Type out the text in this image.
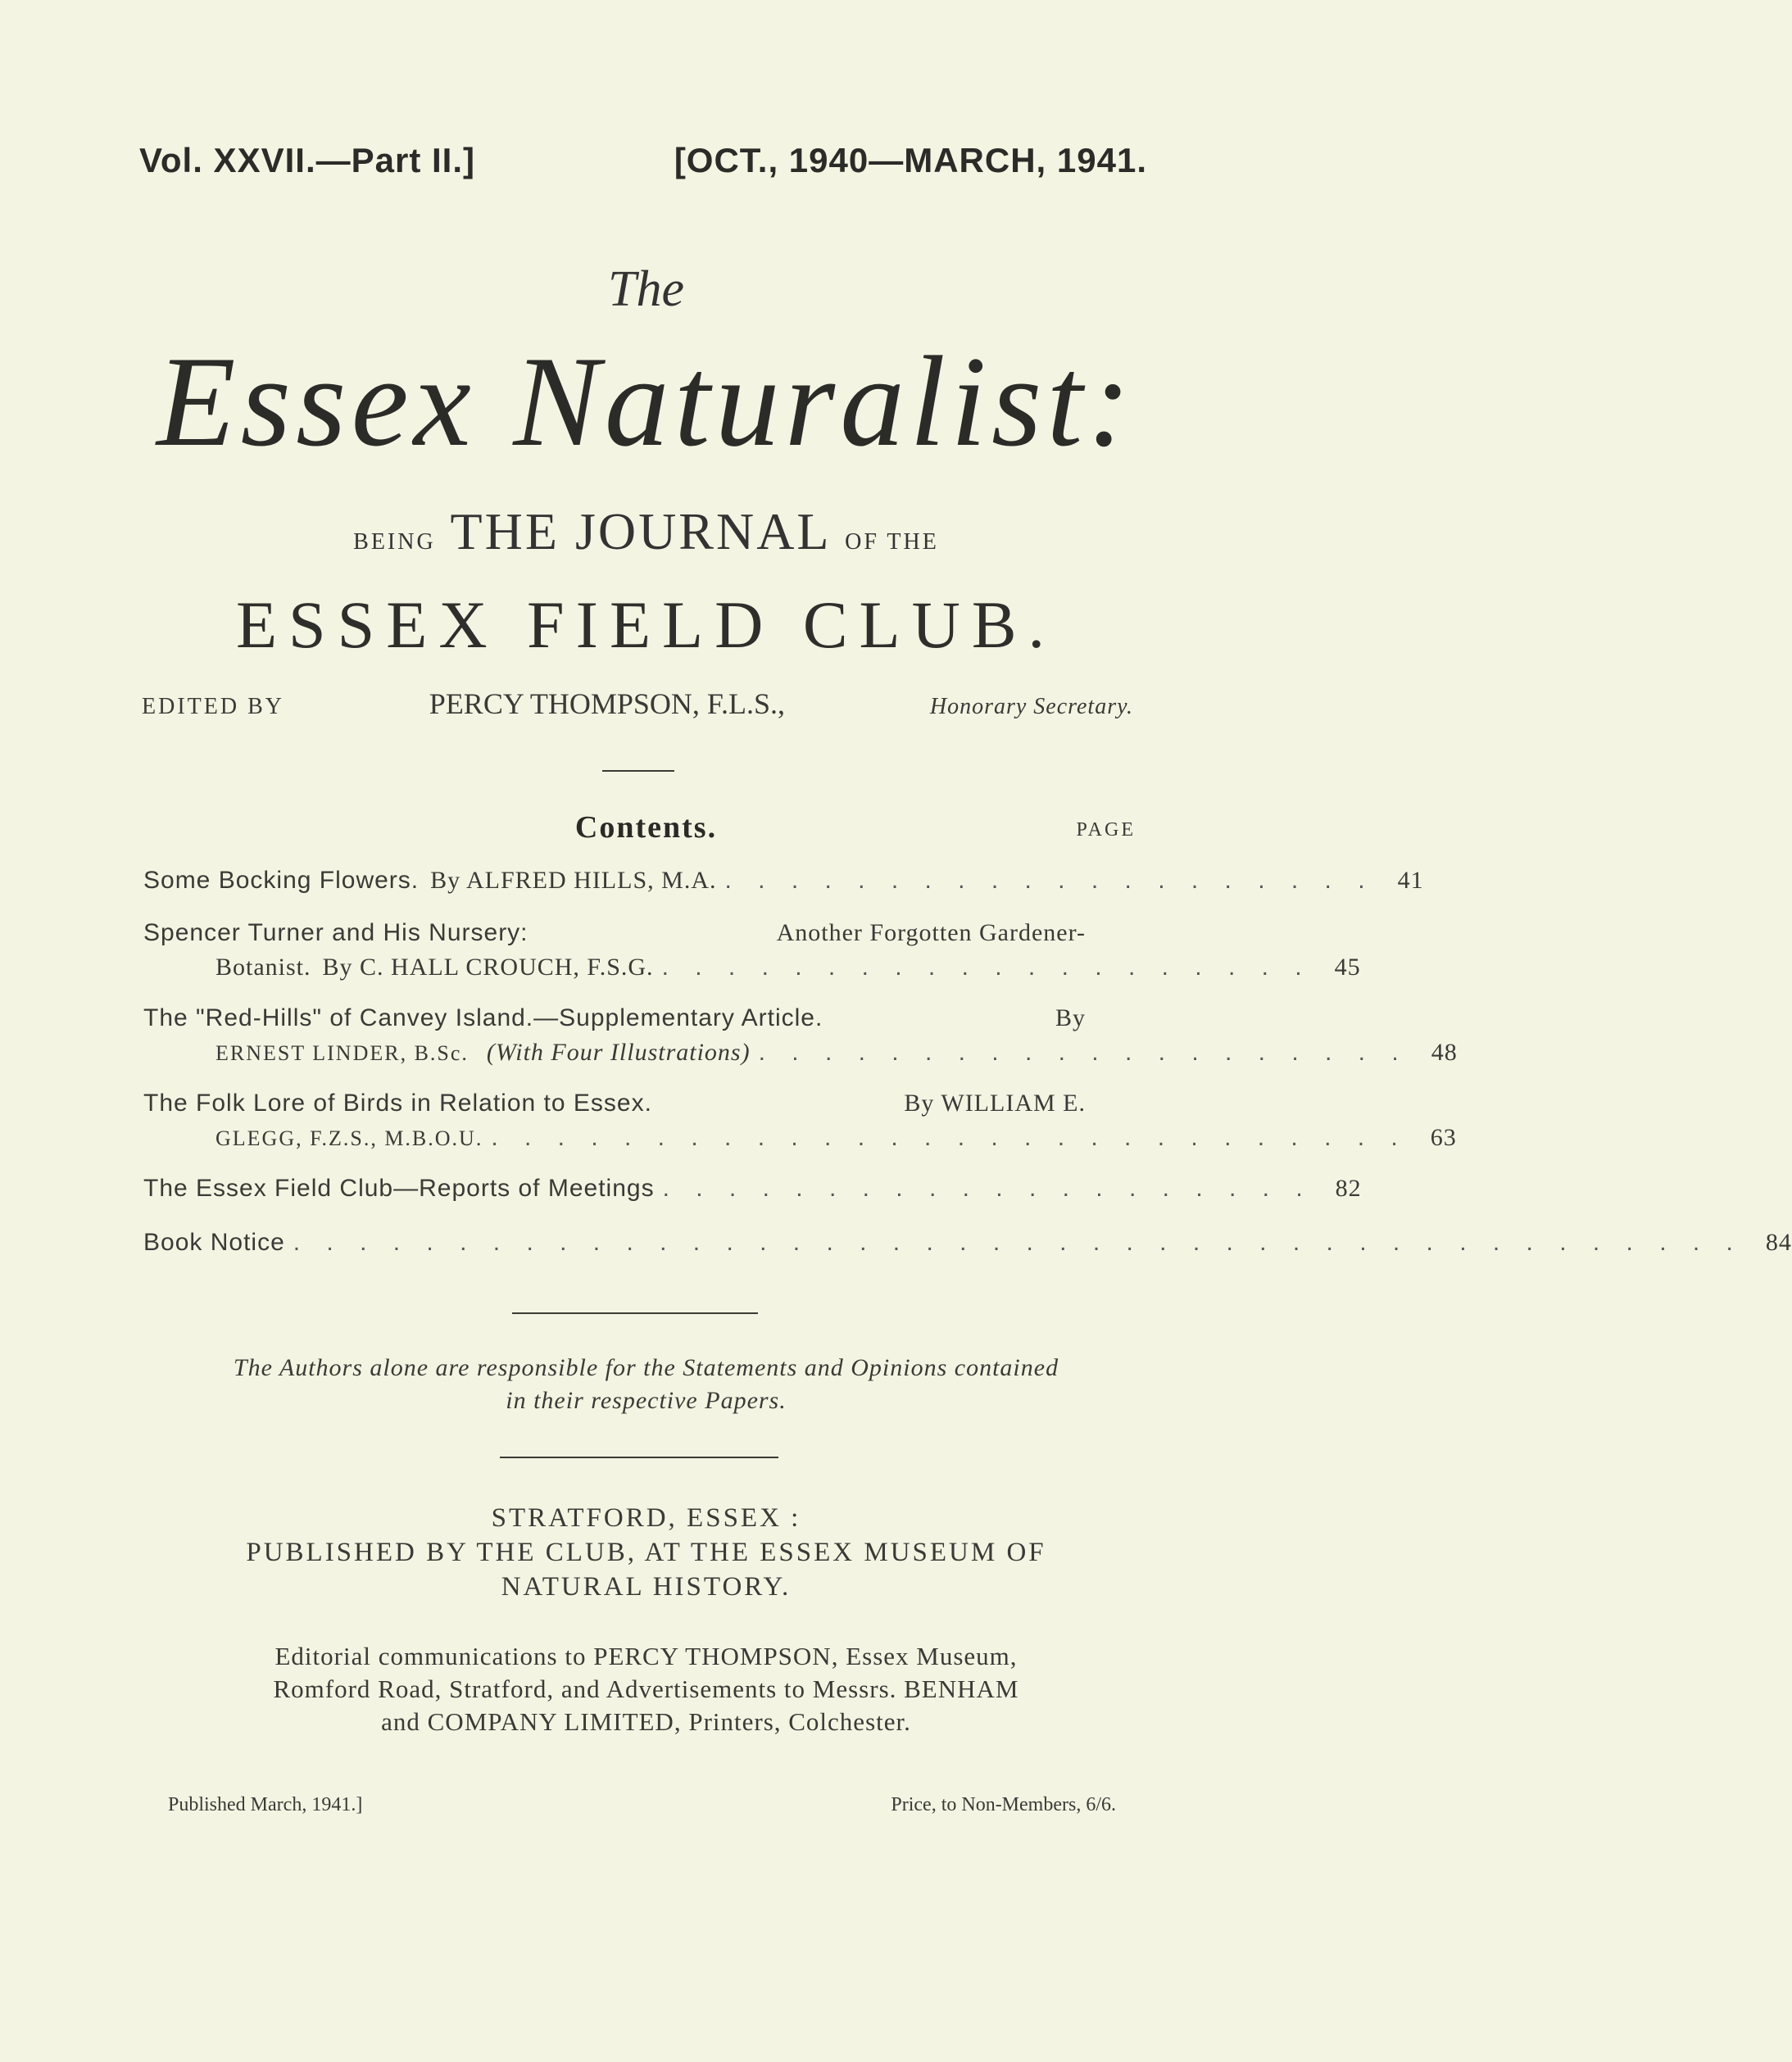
Vol. XXVII.—Part II.]	[OCT., 1940—MARCH, 1941.
The
Essex Naturalist:
BEING THE JOURNAL OF THE
ESSEX FIELD CLUB.
EDITED BY	PERCY THOMPSON, F.L.S.,	Honorary Secretary.
Contents.	PAGE
Some Bocking Flowers. By ALFRED HILLS, M.A. . . . . . . . . . . . . . . . . . . . . 41
Spencer Turner and His Nursery:	Another Forgotten Gardener-
Botanist. By C. HALL CROUCH, F.S.G. . . . . . . . . . . . . . . . . . . . . 45
The "Red-Hills" of Canvey Island.—Supplementary Article.	By
ERNEST LINDER, B.Sc. (With Four Illustrations) . . . . . . . . . . . . . . . . . . . . 48
The Folk Lore of Birds in Relation to Essex.	By WILLIAM E.
GLEGG, F.Z.S., M.B.O.U. . . . . . . . . . . . . . . . . . . . . . . . . . . . . 63
The Essex Field Club—Reports of Meetings . . . . . . . . . . . . . . . . . . . . 82
Book Notice . . . . . . . . . . . . . . . . . . . . . . . . . . . . . . . . . . . . . . . . . . . . 84
The Authors alone are responsible for the Statements and Opinions contained
in their respective Papers.
STRATFORD, ESSEX :
PUBLISHED BY THE CLUB, AT THE ESSEX MUSEUM OF
NATURAL HISTORY.
Editorial communications to PERCY THOMPSON, Essex Museum,
Romford Road, Stratford, and Advertisements to Messrs. BENHAM
and COMPANY LIMITED, Printers, Colchester.
Published March, 1941.]	Price, to Non-Members, 6/6.
